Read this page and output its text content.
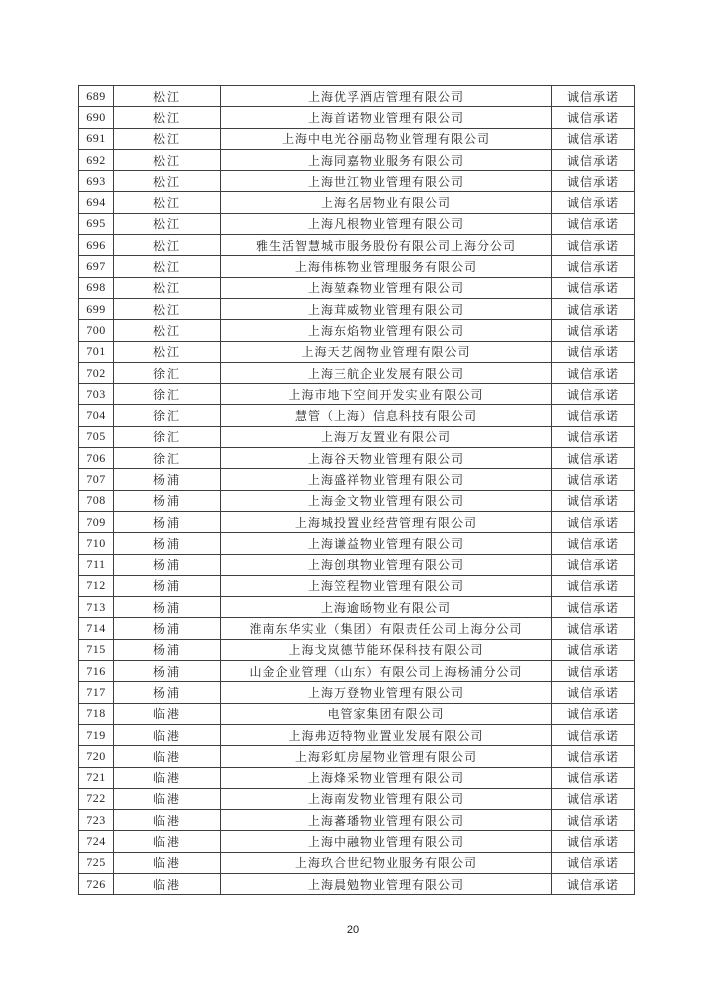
689	松江	上海优孚酒店管理有限公司	诚信承诺
690	松江	上海首诺物业管理有限公司	诚信承诺
691	松江	上海中电光谷丽岛物业管理有限公司	诚信承诺
692	松江	上海同嘉物业服务有限公司	诚信承诺
693	松江	上海世江物业管理有限公司	诚信承诺
694	松江	上海名居物业有限公司	诚信承诺
695	松江	上海凡根物业管理有限公司	诚信承诺
696	松江	雅生活智慧城市服务股份有限公司上海分公司	诚信承诺
697	松江	上海伟栋物业管理服务有限公司	诚信承诺
698	松江	上海堃森物业管理有限公司	诚信承诺
699	松江	上海茸威物业管理有限公司	诚信承诺
700	松江	上海东焰物业管理有限公司	诚信承诺
701	松江	上海天艺阁物业管理有限公司	诚信承诺
702	徐汇	上海三航企业发展有限公司	诚信承诺
703	徐汇	上海市地下空间开发实业有限公司	诚信承诺
704	徐汇	慧管（上海）信息科技有限公司	诚信承诺
705	徐汇	上海万友置业有限公司	诚信承诺
706	徐汇	上海谷天物业管理有限公司	诚信承诺
707	杨浦	上海盛祥物业管理有限公司	诚信承诺
708	杨浦	上海金文物业管理有限公司	诚信承诺
709	杨浦	上海城投置业经营管理有限公司	诚信承诺
710	杨浦	上海谦益物业管理有限公司	诚信承诺
711	杨浦	上海创琪物业管理有限公司	诚信承诺
712	杨浦	上海笠程物业管理有限公司	诚信承诺
713	杨浦	上海逾旸物业有限公司	诚信承诺
714	杨浦	淮南东华实业（集团）有限责任公司上海分公司	诚信承诺
715	杨浦	上海戈岚德节能环保科技有限公司	诚信承诺
716	杨浦	山金企业管理（山东）有限公司上海杨浦分公司	诚信承诺
717	杨浦	上海万登物业管理有限公司	诚信承诺
718	临港	电管家集团有限公司	诚信承诺
719	临港	上海弗迈特物业置业发展有限公司	诚信承诺
720	临港	上海彩虹房屋物业管理有限公司	诚信承诺
721	临港	上海烽采物业管理有限公司	诚信承诺
722	临港	上海南发物业管理有限公司	诚信承诺
723	临港	上海蕃璠物业管理有限公司	诚信承诺
724	临港	上海中融物业管理有限公司	诚信承诺
725	临港	上海玖合世纪物业服务有限公司	诚信承诺
726	临港	上海晨勉物业管理有限公司	诚信承诺
20
